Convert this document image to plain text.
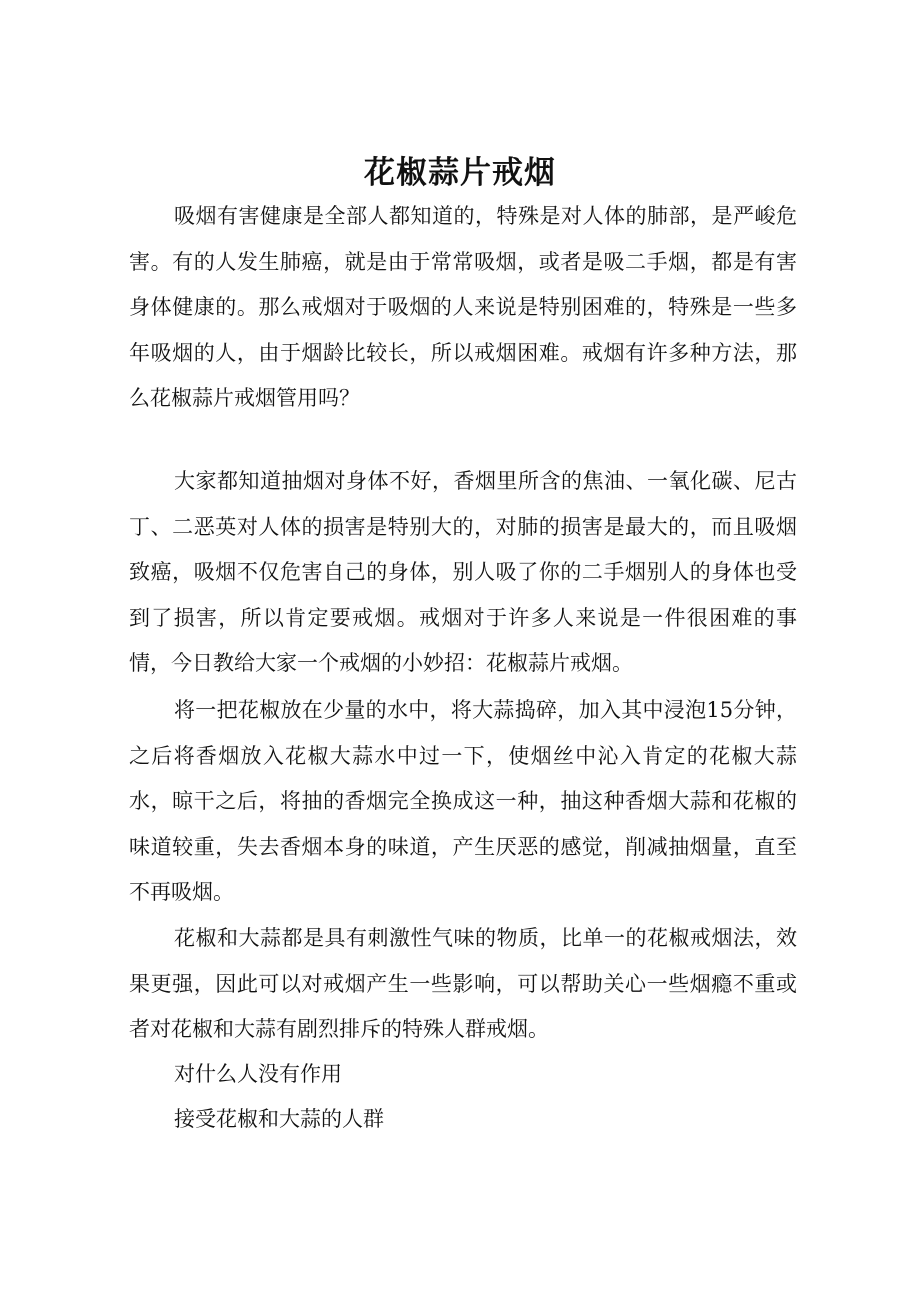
花椒蒜片戒烟

吸烟有害健康是全部人都知道的，特殊是对人体的肺部，是严峻危害。有的人发生肺癌，就是由于常常吸烟，或者是吸二手烟，都是有害身体健康的。那么戒烟对于吸烟的人来说是特别困难的，特殊是一些多年吸烟的人，由于烟龄比较长，所以戒烟困难。戒烟有许多种方法，那么花椒蒜片戒烟管用吗？

大家都知道抽烟对身体不好，香烟里所含的焦油、一氧化碳、尼古丁、二恶英对人体的损害是特别大的，对肺的损害是最大的，而且吸烟致癌，吸烟不仅危害自己的身体，别人吸了你的二手烟别人的身体也受到了损害，所以肯定要戒烟。戒烟对于许多人来说是一件很困难的事情，今日教给大家一个戒烟的小妙招：花椒蒜片戒烟。

将一把花椒放在少量的水中，将大蒜捣碎，加入其中浸泡15分钟，之后将香烟放入花椒大蒜水中过一下，使烟丝中沁入肯定的花椒大蒜水，晾干之后，将抽的香烟完全换成这一种，抽这种香烟大蒜和花椒的味道较重，失去香烟本身的味道，产生厌恶的感觉，削减抽烟量，直至不再吸烟。

花椒和大蒜都是具有刺激性气味的物质，比单一的花椒戒烟法，效果更强，因此可以对戒烟产生一些影响，可以帮助关心一些烟瘾不重或者对花椒和大蒜有剧烈排斥的特殊人群戒烟。

对什么人没有作用

接受花椒和大蒜的人群
